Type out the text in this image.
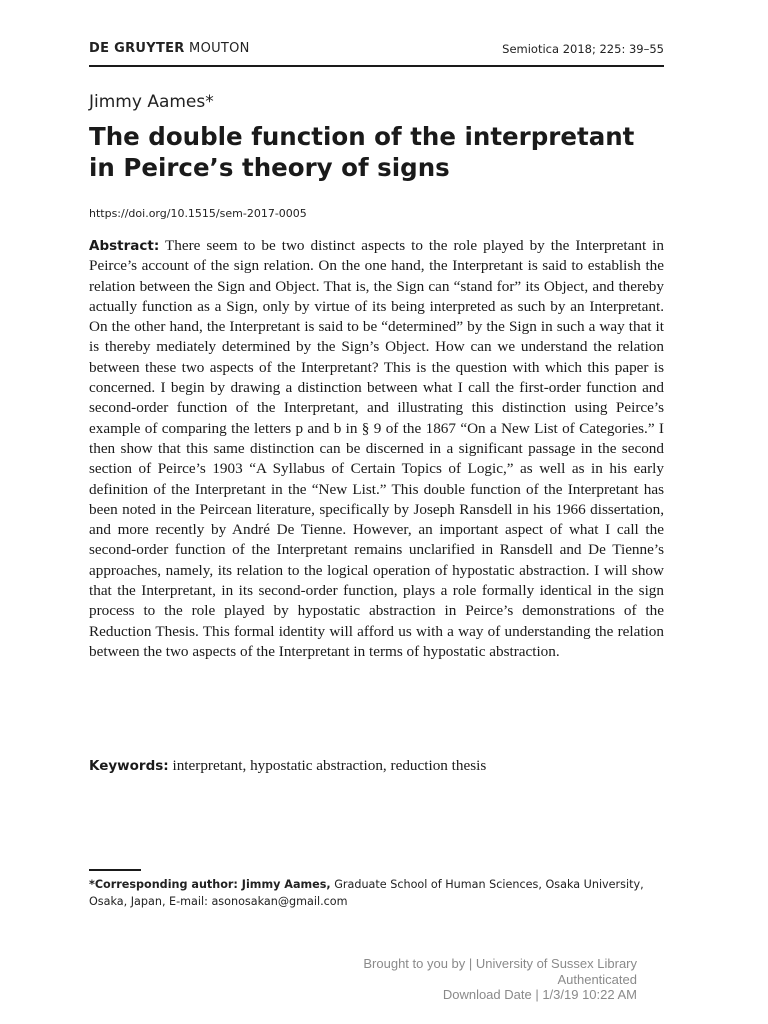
DE GRUYTER MOUTON	Semiotica 2018; 225: 39–55
Jimmy Aames*
The double function of the interpretant
in Peirce’s theory of signs
https://doi.org/10.1515/sem-2017-0005

Abstract: There seem to be two distinct aspects to the role played by the Interpretant in Peirce’s account of the sign relation. On the one hand, the Interpretant is said to establish the relation between the Sign and Object. That is, the Sign can “stand for” its Object, and thereby actually function as a Sign, only by virtue of its being interpreted as such by an Interpretant. On the other hand, the Interpretant is said to be “determined” by the Sign in such a way that it is thereby mediately determined by the Sign’s Object. How can we understand the relation between these two aspects of the Interpretant? This is the question with which this paper is concerned. I begin by drawing a distinction between what I call the first-order function and second-order function of the Interpretant, and illustrating this distinction using Peirce’s example of comparing the letters p and b in § 9 of the 1867 “On a New List of Categories.” I then show that this same distinction can be discerned in a significant passage in the second section of Peirce’s 1903 “A Syllabus of Certain Topics of Logic,” as well as in his early definition of the Interpretant in the “New List.” This double function of the Interpretant has been noted in the Peircean literature, specifically by Joseph Ransdell in his 1966 dissertation, and more recently by André De Tienne. However, an important aspect of what I call the second-order function of the Interpretant remains unclarified in Ransdell and De Tienne’s approaches, namely, its relation to the logical operation of hypostatic abstraction. I will show that the Interpretant, in its second-order function, plays a role formally identical in the sign process to the role played by hypostatic abstraction in Peirce’s demonstrations of the Reduction Thesis. This formal identity will afford us with a way of understanding the relation between the two aspects of the Interpretant in terms of hypostatic abstraction.

Keywords: interpretant, hypostatic abstraction, reduction thesis
*Corresponding author: Jimmy Aames, Graduate School of Human Sciences, Osaka University, Osaka, Japan, E-mail: asonosakan@gmail.com
Brought to you by | University of Sussex Library
Authenticated
Download Date | 1/3/19 10:22 AM
